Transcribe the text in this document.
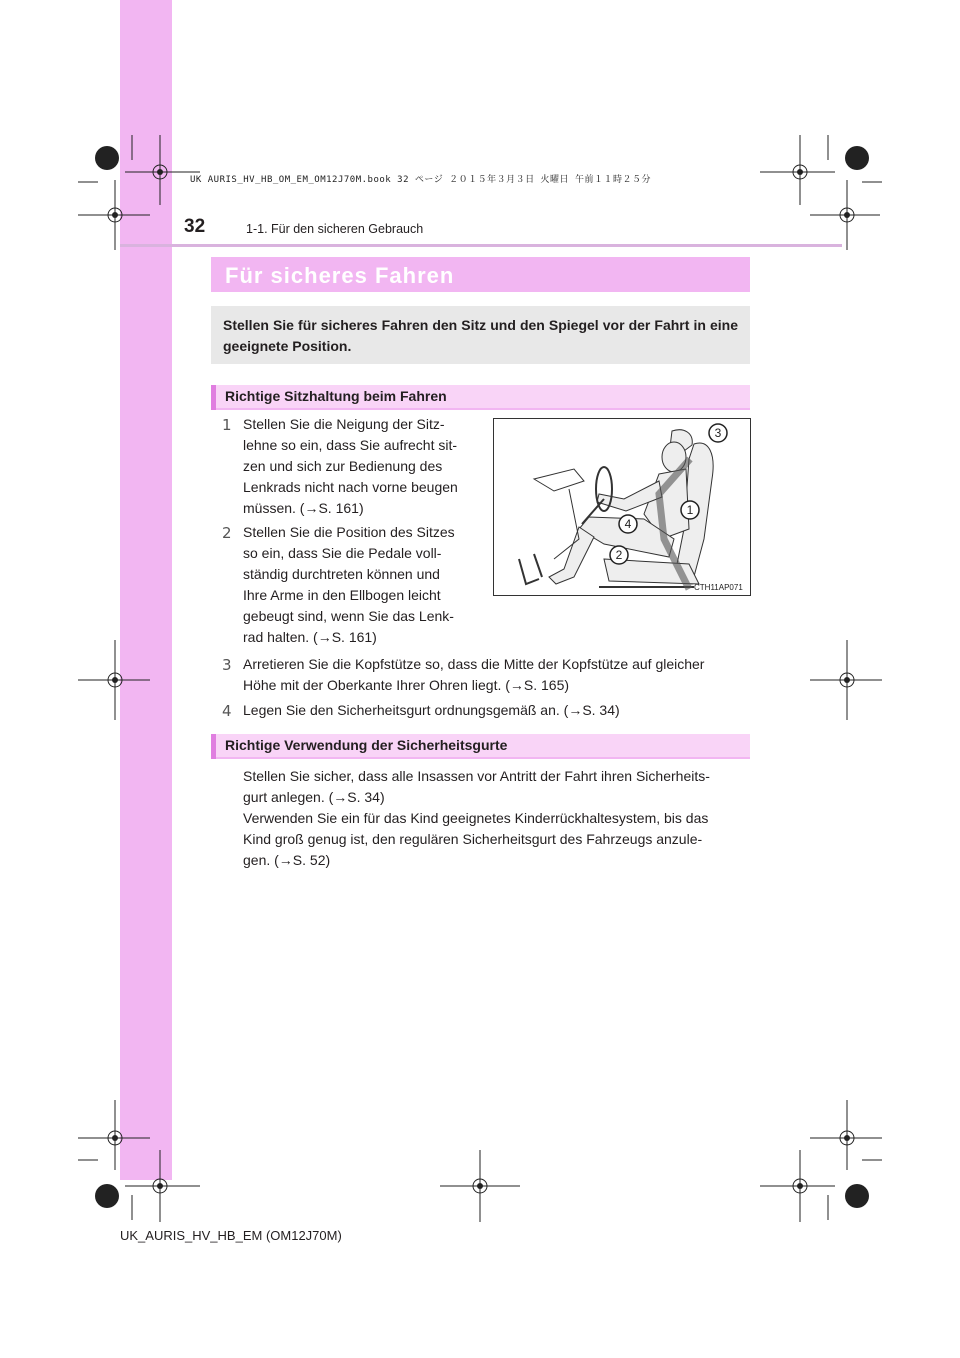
UK AURIS_HV_HB_OM_EM_OM12J70M.book 32 ページ ２０１５年３月３日 火曜日 午前１１時２５分
32	1-1. Für den sicheren Gebrauch
Für sicheres Fahren
Stellen Sie für sicheres Fahren den Sitz und den Spiegel vor der Fahrt in eine geeignete Position.
Richtige Sitzhaltung beim Fahren
1 Stellen Sie die Neigung der Sitz-
lehne so ein, dass Sie aufrecht sit-
zen und sich zur Bedienung des
Lenkrads nicht nach vorne beugen
müssen. (→S. 161)
2 Stellen Sie die Position des Sitzes
so ein, dass Sie die Pedale voll-
ständig durchtreten können und
Ihre Arme in den Ellbogen leicht
gebeugt sind, wenn Sie das Lenk-
rad halten. (→S. 161)
1
2
3
4
CTH11AP071
3 Arretieren Sie die Kopfstütze so, dass die Mitte der Kopfstütze auf gleicher
Höhe mit der Oberkante Ihrer Ohren liegt. (→S. 165)
4 Legen Sie den Sicherheitsgurt ordnungsgemäß an. (→S. 34)
Richtige Verwendung der Sicherheitsgurte
Stellen Sie sicher, dass alle Insassen vor Antritt der Fahrt ihren Sicherheits-
gurt anlegen. (→S. 34)
Verwenden Sie ein für das Kind geeignetes Kinderrückhaltesystem, bis das
Kind groß genug ist, den regulären Sicherheitsgurt des Fahrzeugs anzule-
gen. (→S. 52)
UK_AURIS_HV_HB_EM (OM12J70M)
